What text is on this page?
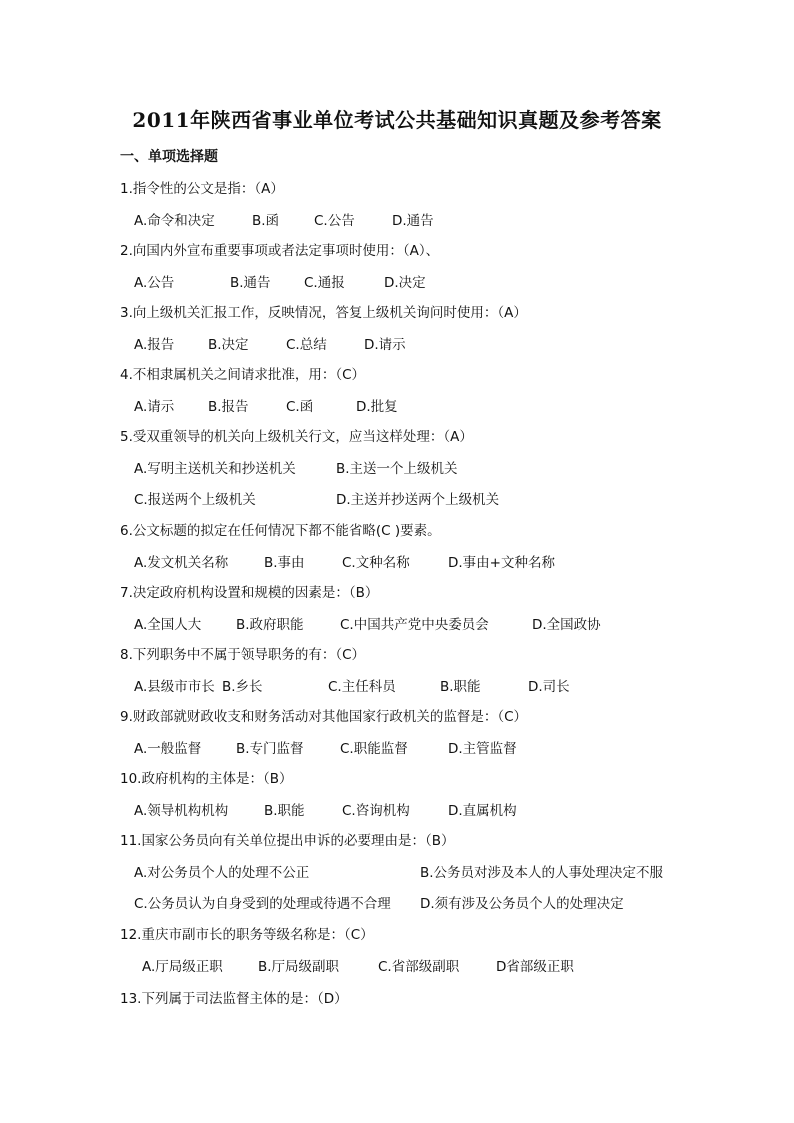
2011年陕西省事业单位考试公共基础知识真题及参考答案
一、单项选择题
1.指令性的公文是指：（A）
A.命令和决定	B.函	C.公告	D.通告
2.向国内外宣布重要事项或者法定事项时使用：（A）、
A.公告	B.通告 C.通报	D.决定
3.向上级机关汇报工作，反映情况，答复上级机关询问时使用：（A）
A.报告 B.决定	C.总结	D.请示
4.不相隶属机关之间请求批准，用：（C）
A.请示 B.报告	C.函	D.批复
5.受双重领导的机关向上级机关行文，应当这样处理：（A）
A.写明主送机关和抄送机关	B.主送一个上级机关
C.报送两个上级机关	D.主送并抄送两个上级机关
6.公文标题的拟定在任何情况下都不能省略(C )要素。
A.发文机关名称	B.事由	C.文种名称	D.事由+文种名称
7.决定政府机构设置和规模的因素是：（B）
A.全国人大	B.政府职能	C.中国共产党中央委员会	D.全国政协
8.下列职务中不属于领导职务的有：（C）
A.县级市市长 B.乡长	C.主任科员	B.职能	D.司长
9.财政部就财政收支和财务活动对其他国家行政机关的监督是：（C）
A.一般监督	B.专门监督	C.职能监督	D.主管监督
10.政府机构的主体是：（B）
A.领导机构机构	B.职能	C.咨询机构	D.直属机构
11.国家公务员向有关单位提出申诉的必要理由是：（B）
A.对公务员个人的处理不公正	B.公务员对涉及本人的人事处理决定不服
C.公务员认为自身受到的处理或待遇不合理 D.须有涉及公务员个人的处理决定
12.重庆市副市长的职务等级名称是：（C）
A.厅局级正职	B.厅局级副职	C.省部级副职	D省部级正职
13.下列属于司法监督主体的是：（D）
